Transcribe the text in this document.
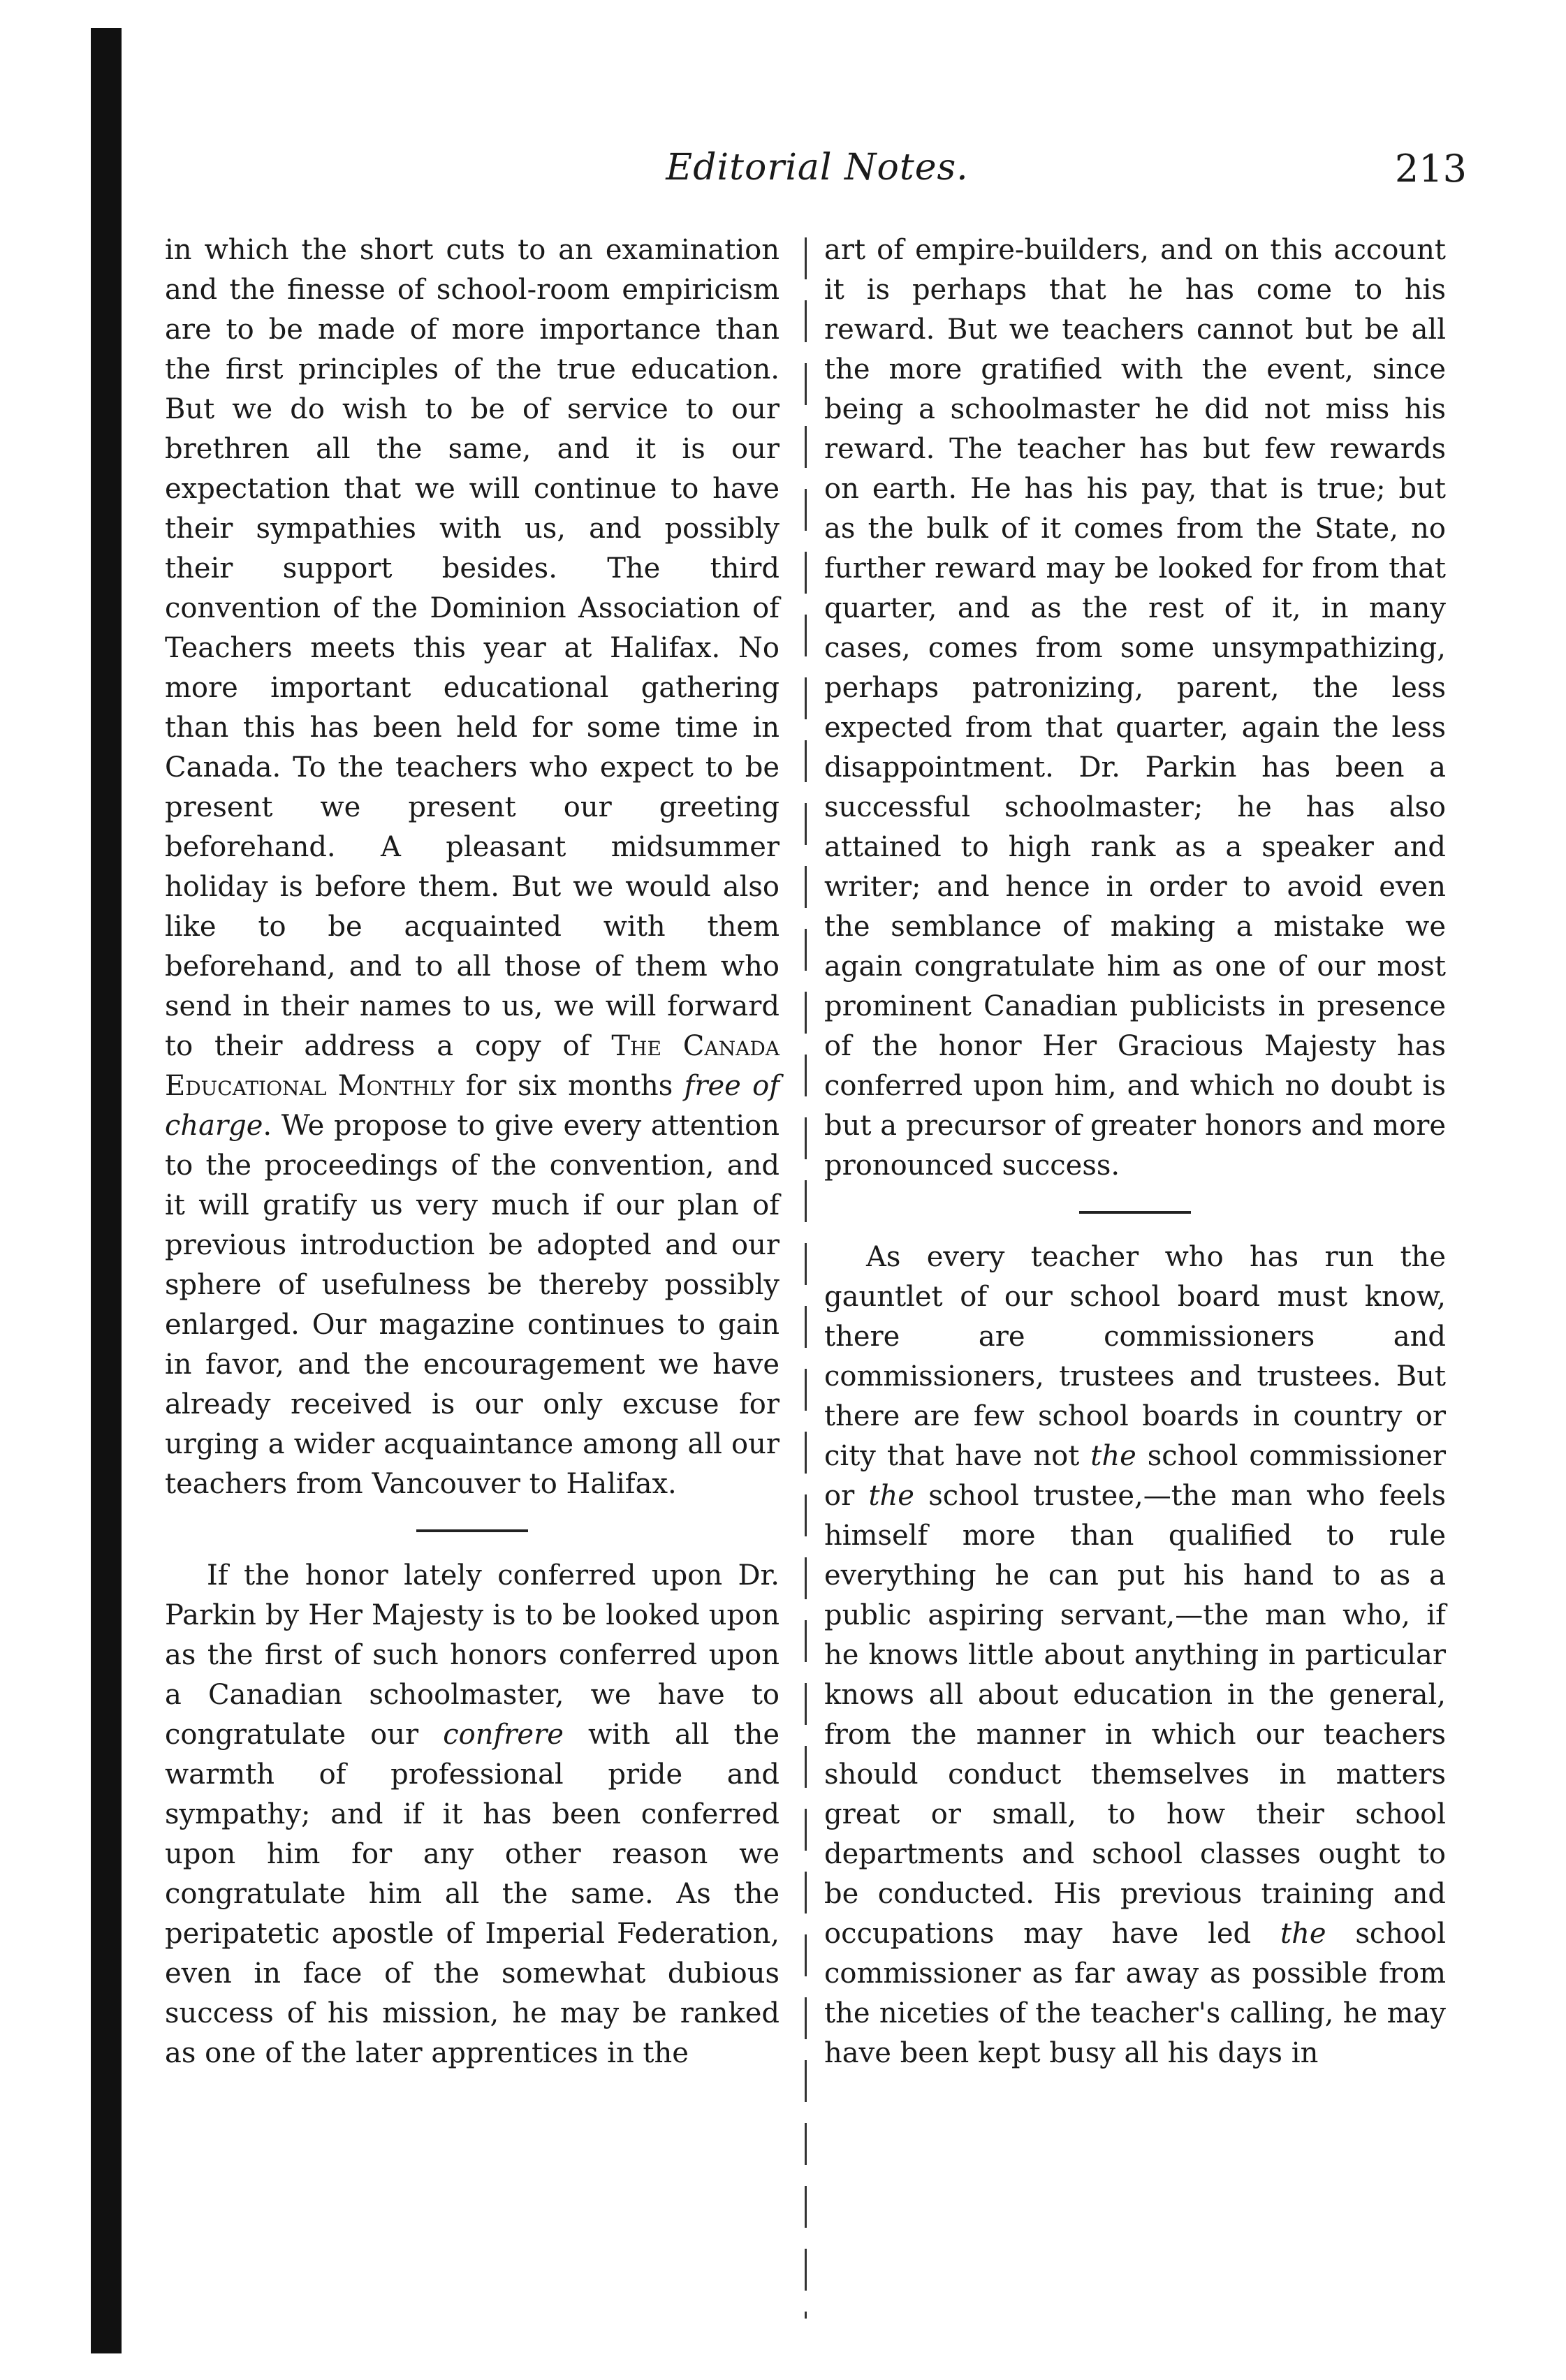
Editorial Notes.	213

in which the short cuts to an examination and the finesse of school-room empiricism are to be made of more importance than the first principles of the true education. But we do wish to be of service to our brethren all the same, and it is our expectation that we will continue to have their sympathies with us, and possibly their support besides. The third convention of the Dominion Association of Teachers meets this year at Halifax. No more important educational gathering than this has been held for some time in Canada. To the teachers who expect to be present we present our greeting beforehand. A pleasant midsummer holiday is before them. But we would also like to be acquainted with them beforehand, and to all those of them who send in their names to us, we will forward to their address a copy of The Canada Educational Monthly for six months free of charge. We propose to give every attention to the proceedings of the convention, and it will gratify us very much if our plan of previous introduction be adopted and our sphere of usefulness be thereby possibly enlarged. Our magazine continues to gain in favor, and the encouragement we have already received is our only excuse for urging a wider acquaintance among all our teachers from Vancouver to Halifax.

If the honor lately conferred upon Dr. Parkin by Her Majesty is to be looked upon as the first of such honors conferred upon a Canadian schoolmaster, we have to congratulate our confrere with all the warmth of professional pride and sympathy; and if it has been conferred upon him for any other reason we congratulate him all the same. As the peripatetic apostle of Imperial Federation, even in face of the somewhat dubious success of his mission, he may be ranked as one of the later apprentices in the

art of empire-builders, and on this account it is perhaps that he has come to his reward. But we teachers cannot but be all the more gratified with the event, since being a schoolmaster he did not miss his reward. The teacher has but few rewards on earth. He has his pay, that is true; but as the bulk of it comes from the State, no further reward may be looked for from that quarter, and as the rest of it, in many cases, comes from some unsympathizing, perhaps patronizing, parent, the less expected from that quarter, again the less disappointment. Dr. Parkin has been a successful schoolmaster; he has also attained to high rank as a speaker and writer; and hence in order to avoid even the semblance of making a mistake we again congratulate him as one of our most prominent Canadian publicists in presence of the honor Her Gracious Majesty has conferred upon him, and which no doubt is but a precursor of greater honors and more pronounced success.

As every teacher who has run the gauntlet of our school board must know, there are commissioners and commissioners, trustees and trustees. But there are few school boards in country or city that have not the school commissioner or the school trustee,—the man who feels himself more than qualified to rule everything he can put his hand to as a public aspiring servant,—the man who, if he knows little about anything in particular knows all about education in the general, from the manner in which our teachers should conduct themselves in matters great or small, to how their school departments and school classes ought to be conducted. His previous training and occupations may have led the school commissioner as far away as possible from the niceties of the teacher's calling, he may have been kept busy all his days in
